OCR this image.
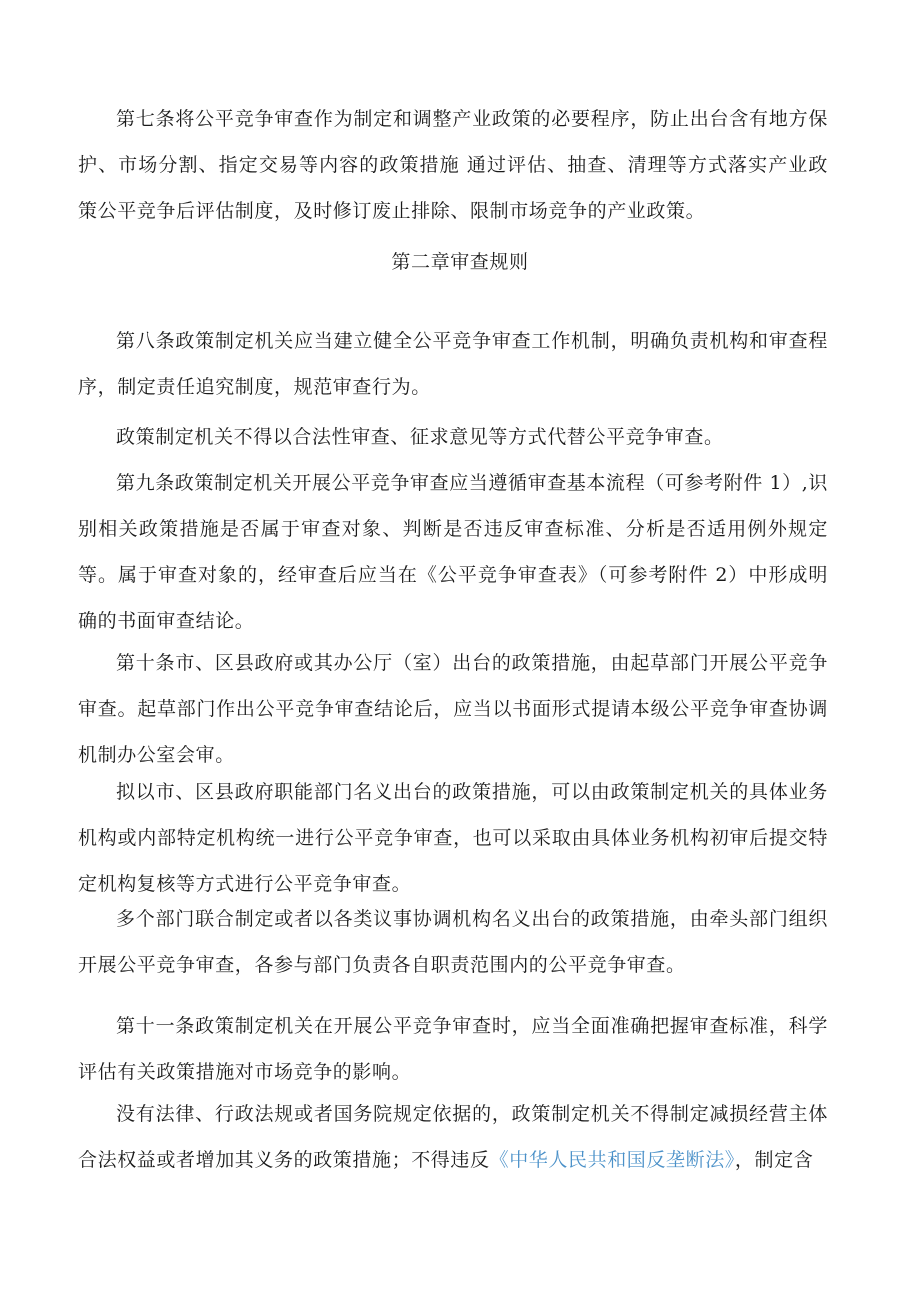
第七条将公平竞争审查作为制定和调整产业政策的必要程序，防止出台含有地方保护、市场分割、指定交易等内容的政策措施 通过评估、抽查、清理等方式落实产业政策公平竞争后评估制度，及时修订废止排除、限制市场竞争的产业政策。

第二章审查规则

第八条政策制定机关应当建立健全公平竞争审查工作机制，明确负责机构和审查程序，制定责任追究制度，规范审查行为。

政策制定机关不得以合法性审查、征求意见等方式代替公平竞争审查。

第九条政策制定机关开展公平竞争审查应当遵循审查基本流程（可参考附件 1）,识别相关政策措施是否属于审查对象、判断是否违反审查标准、分析是否适用例外规定等。属于审查对象的，经审查后应当在《公平竞争审查表》（可参考附件 2）中形成明确的书面审查结论。

第十条市、区县政府或其办公厅（室）出台的政策措施，由起草部门开展公平竞争审查。起草部门作出公平竞争审查结论后，应当以书面形式提请本级公平竞争审查协调机制办公室会审。

拟以市、区县政府职能部门名义出台的政策措施，可以由政策制定机关的具体业务机构或内部特定机构统一进行公平竞争审查，也可以采取由具体业务机构初审后提交特定机构复核等方式进行公平竞争审查。

多个部门联合制定或者以各类议事协调机构名义出台的政策措施，由牵头部门组织开展公平竞争审查，各参与部门负责各自职责范围内的公平竞争审查。

第十一条政策制定机关在开展公平竞争审查时，应当全面准确把握审查标准，科学评估有关政策措施对市场竞争的影响。

没有法律、行政法规或者国务院规定依据的，政策制定机关不得制定减损经营主体合法权益或者增加其义务的政策措施；不得违反《中华人民共和国反垄断法》，制定含
